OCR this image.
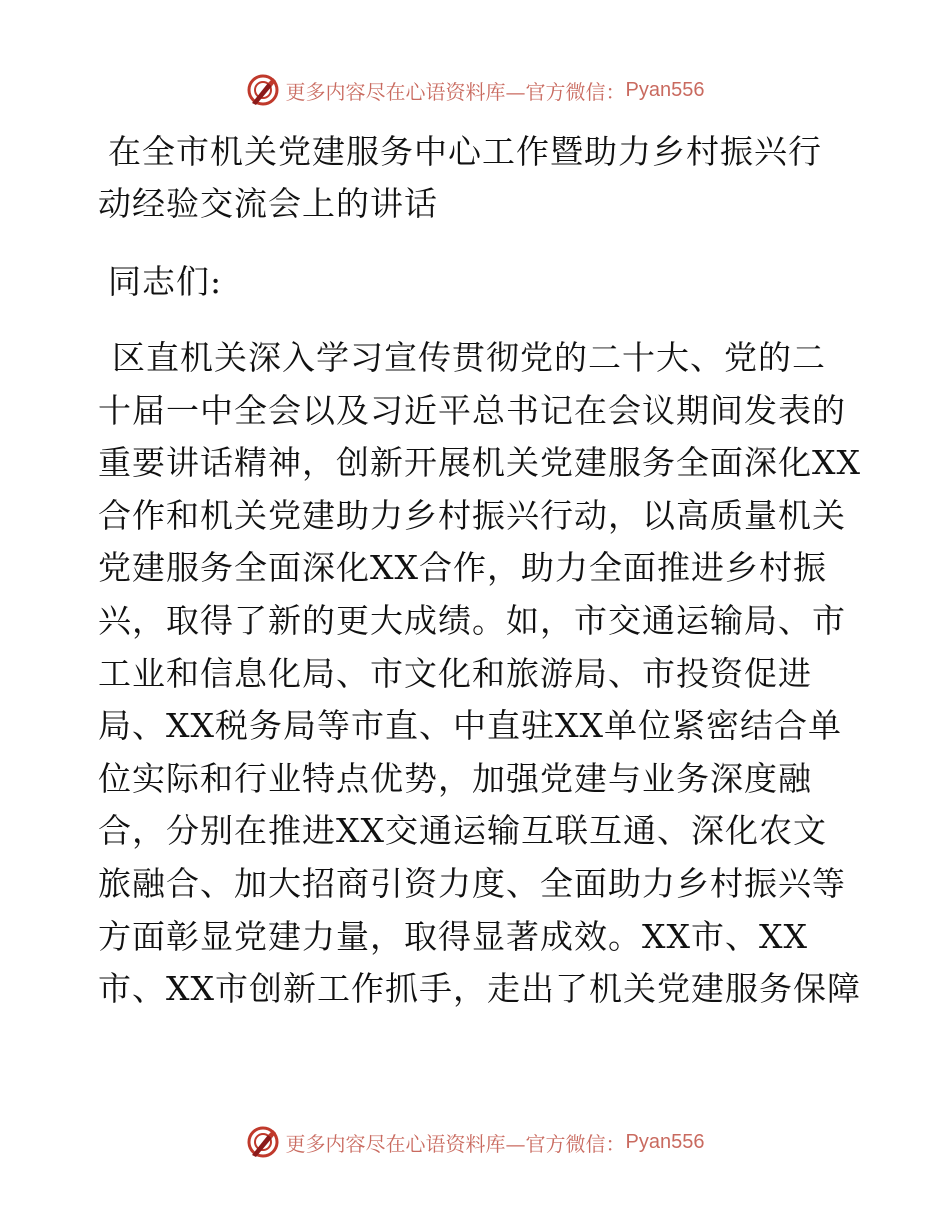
更多内容尽在心语资料库—官方微信： Pyan556
在全市机关党建服务中心工作暨助力乡村振兴行
动经验交流会上的讲话
同志们:
区直机关深入学习宣传贯彻党的二十大、党的二
十届一中全会以及习近平总书记在会议期间发表的
重要讲话精神，创新开展机关党建服务全面深化XX
合作和机关党建助力乡村振兴行动，以高质量机关
党建服务全面深化XX合作，助力全面推进乡村振
兴，取得了新的更大成绩。如，市交通运输局、市
工业和信息化局、市文化和旅游局、市投资促进
局、XX税务局等市直、中直驻XX单位紧密结合单
位实际和行业特点优势，加强党建与业务深度融
合，分别在推进XX交通运输互联互通、深化农文
旅融合、加大招商引资力度、全面助力乡村振兴等
方面彰显党建力量，取得显著成效。XX市、XX
市、XX市创新工作抓手，走出了机关党建服务保障
更多内容尽在心语资料库—官方微信： Pyan556
